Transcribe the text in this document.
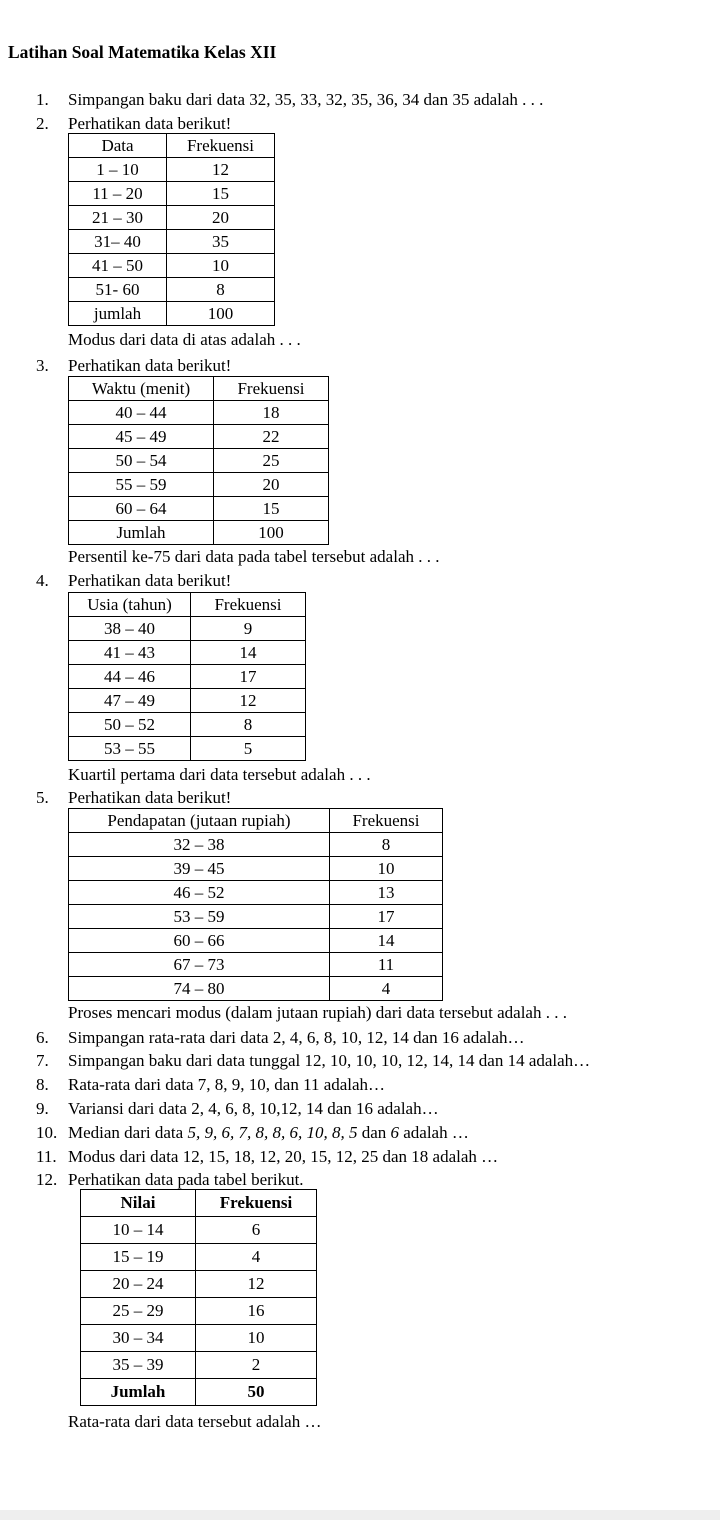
Latihan Soal Matematika Kelas XII
1. Simpangan baku dari data 32, 35, 33, 32, 35, 36, 34 dan 35 adalah . . .
2. Perhatikan data berikut!
Data	Frekuensi
1 – 10	12
11 – 20	15
21 – 30	20
31– 40	35
41 – 50	10
51- 60	8
jumlah	100
Modus dari data di atas adalah . . .
3. Perhatikan data berikut!
Waktu (menit)	Frekuensi
40 – 44	18
45 – 49	22
50 – 54	25
55 – 59	20
60 – 64	15
Jumlah	100
Persentil ke-75 dari data pada tabel tersebut adalah . . .
4. Perhatikan data berikut!
Usia (tahun)	Frekuensi
38 – 40	9
41 – 43	14
44 – 46	17
47 – 49	12
50 – 52	8
53 – 55	5
Kuartil pertama dari data tersebut adalah . . .
5. Perhatikan data berikut!
Pendapatan (jutaan rupiah)	Frekuensi
32 – 38	8
39 – 45	10
46 – 52	13
53 – 59	17
60 – 66	14
67 – 73	11
74 – 80	4
Proses mencari modus (dalam jutaan rupiah) dari data tersebut adalah . . .
6. Simpangan rata-rata dari data 2, 4, 6, 8, 10, 12, 14 dan 16 adalah…
7. Simpangan baku dari data tunggal 12, 10, 10, 10, 12, 14, 14 dan 14 adalah…
8. Rata-rata dari data 7, 8, 9, 10, dan 11 adalah…
9. Variansi dari data 2, 4, 6, 8, 10,12, 14 dan 16 adalah…
10. Median dari data 5, 9, 6, 7, 8, 8, 6, 10, 8, 5 dan 6 adalah …
11. Modus dari data 12, 15, 18, 12, 20, 15, 12, 25 dan 18 adalah …
12. Perhatikan data pada tabel berikut.
Nilai	Frekuensi
10 – 14	6
15 – 19	4
20 – 24	12
25 – 29	16
30 – 34	10
35 – 39	2
Jumlah	50
Rata-rata dari data tersebut adalah …
